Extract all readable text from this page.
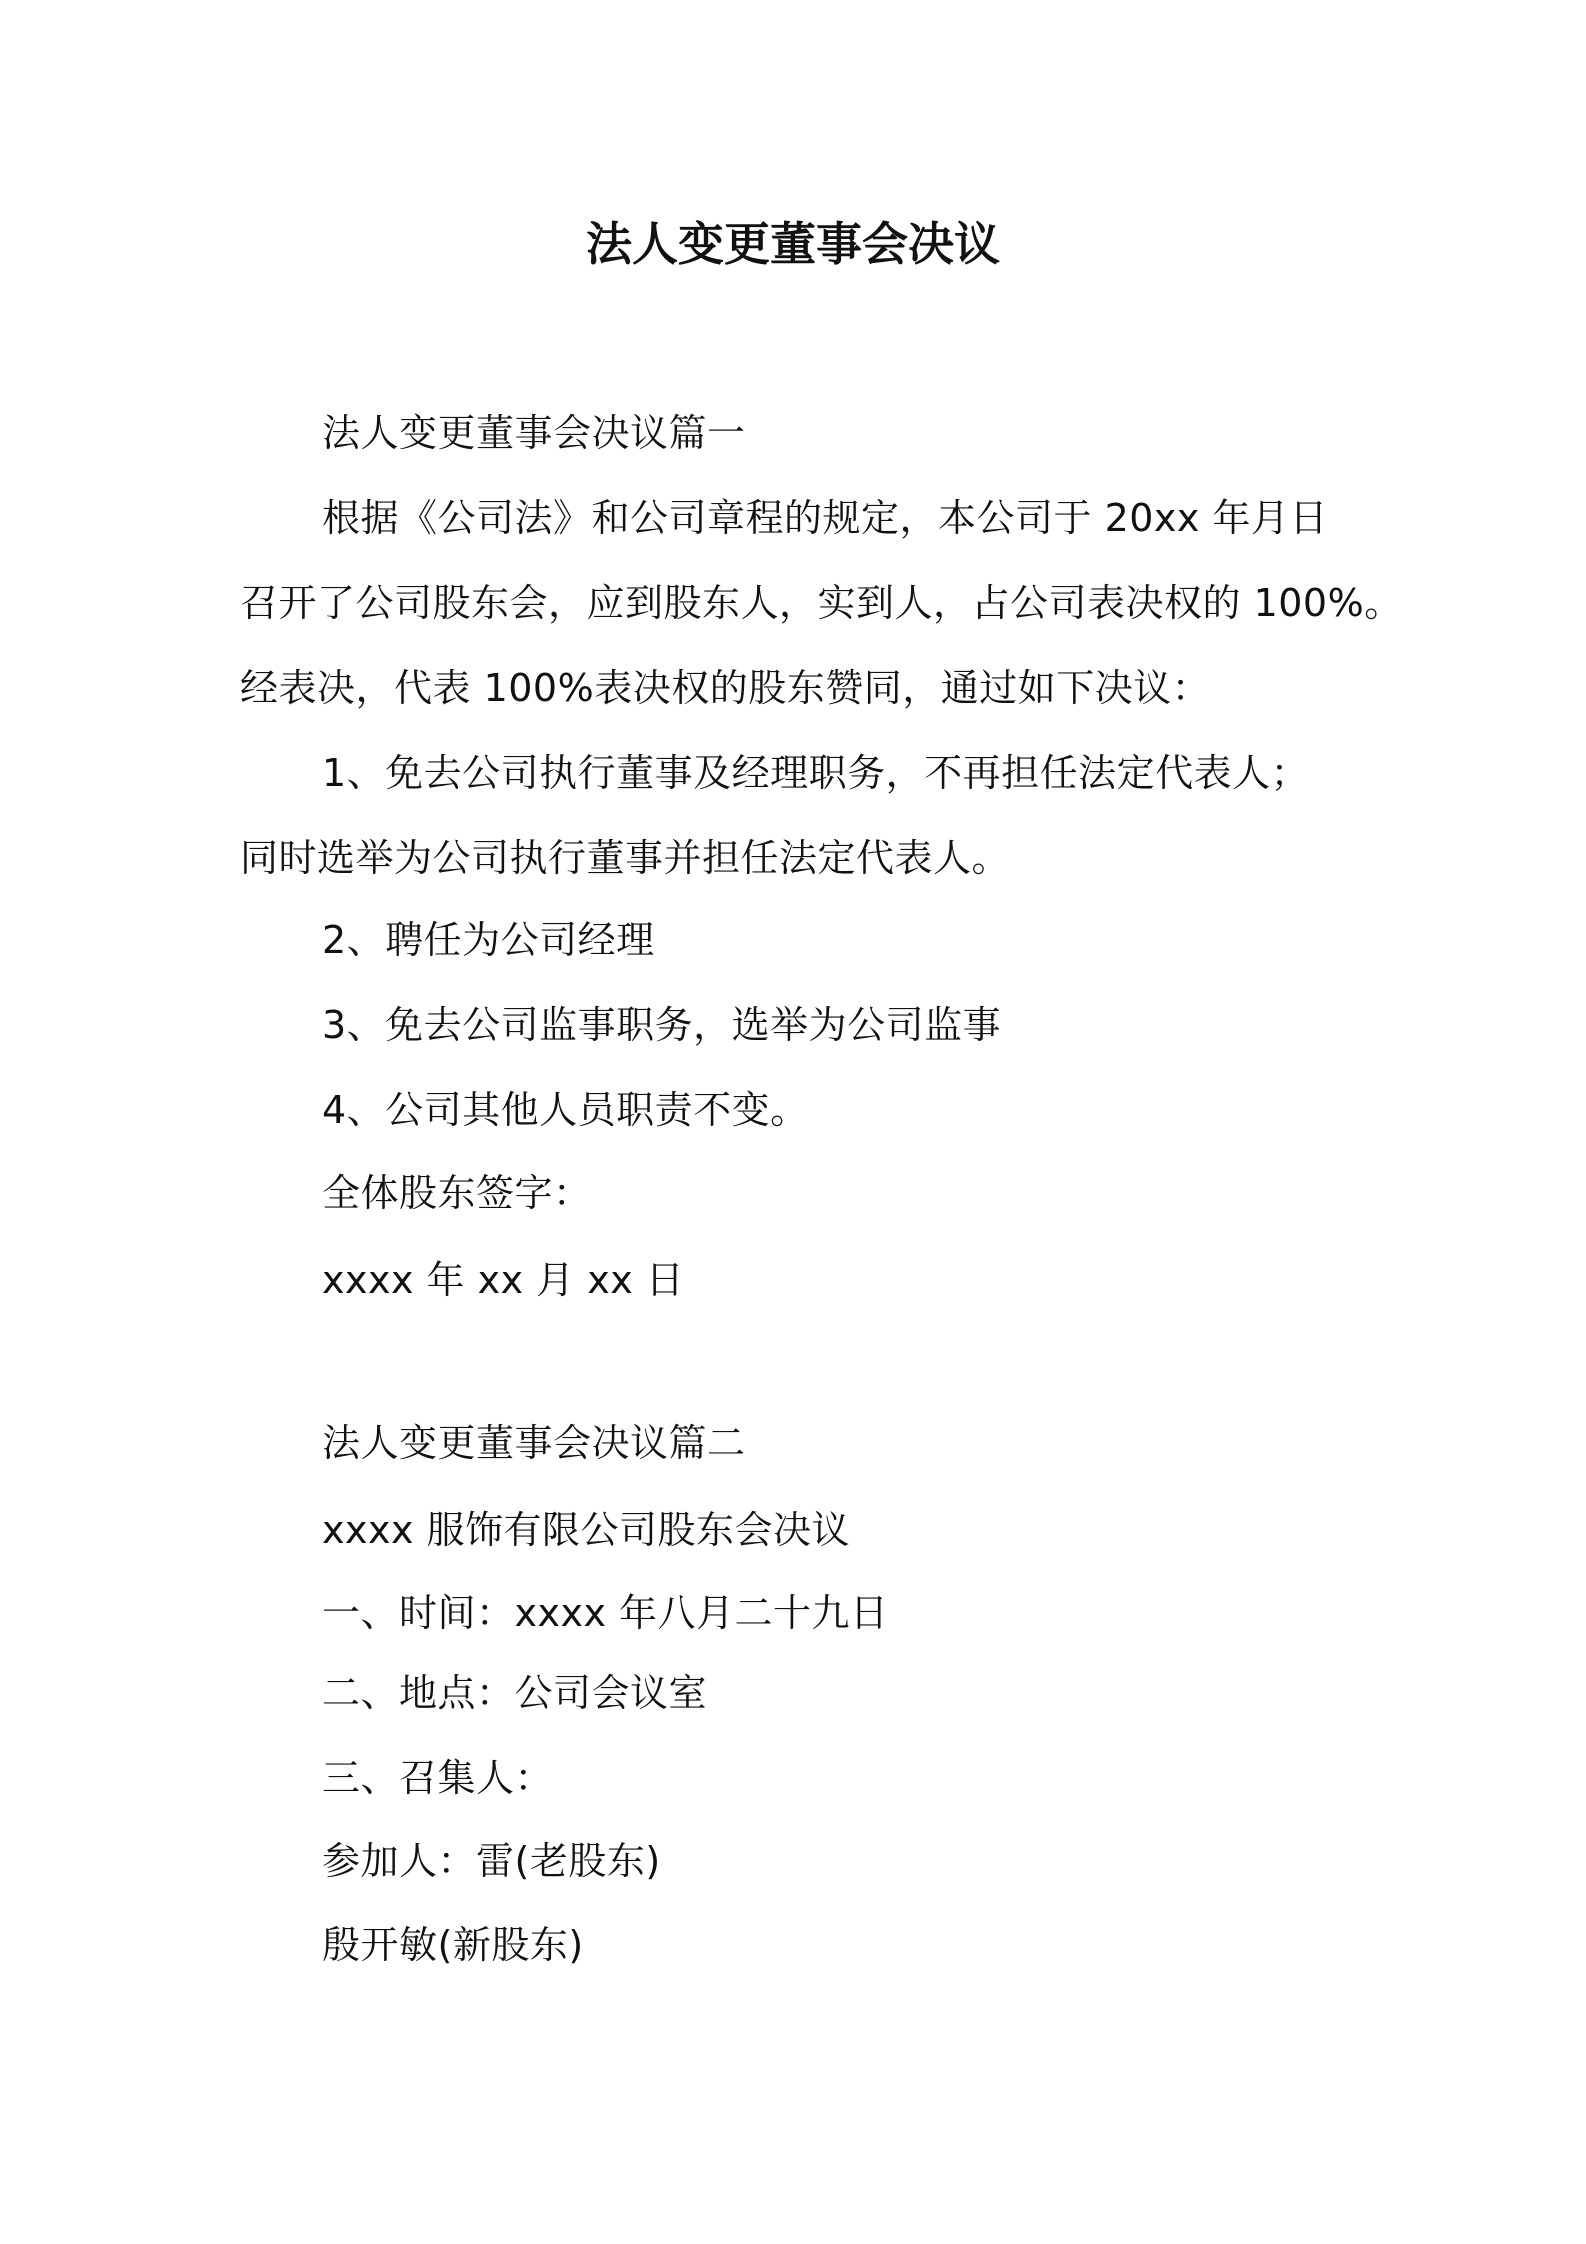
法人变更董事会决议
法人变更董事会决议篇一
根据《公司法》和公司章程的规定，本公司于 20xx 年月日
召开了公司股东会，应到股东人，实到人，占公司表决权的 100%。
经表决，代表 100%表决权的股东赞同，通过如下决议：
1、免去公司执行董事及经理职务，不再担任法定代表人；
同时选举为公司执行董事并担任法定代表人。
2、聘任为公司经理
3、免去公司监事职务，选举为公司监事
4、公司其他人员职责不变。
全体股东签字：
xxxx 年 xx 月 xx 日
法人变更董事会决议篇二
xxxx 服饰有限公司股东会决议
一、时间：xxxx 年八月二十九日
二、地点：公司会议室
三、召集人：
参加人：雷(老股东)
殷开敏(新股东)
